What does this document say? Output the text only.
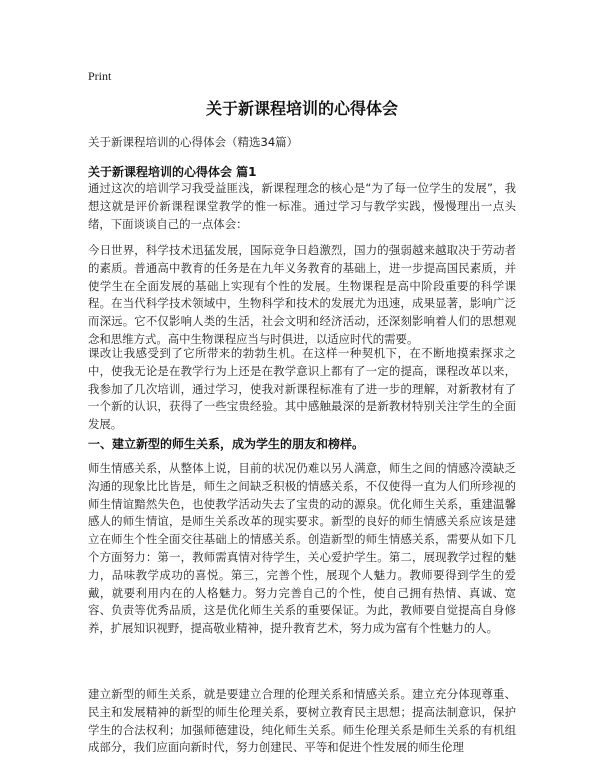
Print
关于新课程培训的心得体会

关于新课程培训的心得体会（精选34篇）

关于新课程培训的心得体会 篇1

通过这次的培训学习我受益匪浅，新课程理念的核心是“为了每一位学生的发展”，我想这就是评价新课程课堂教学的惟一标准。通过学习与教学实践，慢慢理出一点头绪，下面谈谈自己的一点体会：

今日世界，科学技术迅猛发展，国际竞争日趋激烈，国力的强弱越来越取决于劳动者的素质。普通高中教育的任务是在九年义务教育的基础上，进一步提高国民素质，并使学生在全面发展的基础上实现有个性的发展。生物课程是高中阶段重要的科学课程。在当代科学技术领域中，生物科学和技术的发展尤为迅速，成果显著，影响广泛而深远。它不仅影响人类的生活，社会文明和经济活动，还深刻影响着人们的思想观念和思维方式。高中生物课程应当与时俱进，以适应时代的需要。

课改让我感受到了它所带来的勃勃生机。在这样一种契机下，在不断地摸索探求之中，使我无论是在教学行为上还是在教学意识上都有了一定的提高，课程改革以来，我参加了几次培训，通过学习，使我对新课程标准有了进一步的理解，对新教材有了一个新的认识，获得了一些宝贵经验。其中感触最深的是新教材特别关注学生的全面发展。

一、建立新型的师生关系，成为学生的朋友和榜样。

师生情感关系，从整体上说，目前的状况仍难以另人满意，师生之间的情感冷漠缺乏沟通的现象比比皆是，师生之间缺乏积极的情感关系，不仅使得一直为人们所珍视的师生情谊黯然失色，也使教学活动失去了宝贵的动的源泉。优化师生关系，重建温馨感人的师生情谊，是师生关系改革的现实要求。新型的良好的师生情感关系应该是建立在师生个性全面交往基础上的情感关系。创造新型的师生情感关系，需要从如下几个方面努力：第一，教师需真情对待学生，关心爱护学生。第二，展现教学过程的魅力，品味教学成功的喜悦。第三，完善个性，展现个人魅力。教师要得到学生的爱戴，就要利用内在的人格魅力。努力完善自己的个性，使自己拥有热情、真诚、宽容、负责等优秀品质，这是优化师生关系的重要保证。为此，教师要自觉提高自身修养，扩展知识视野，提高敬业精神，提升教育艺术，努力成为富有个性魅力的人。

建立新型的师生关系，就是要建立合理的伦理关系和情感关系。建立充分体现尊重、民主和发展精神的新型的师生伦理关系，要树立教育民主思想；提高法制意识，保护学生的合法权利；加强师德建设，纯化师生关系。师生伦理关系是师生关系的有机组成部分，我们应面向新时代，努力创建民、平等和促进个性发展的师生伦理
